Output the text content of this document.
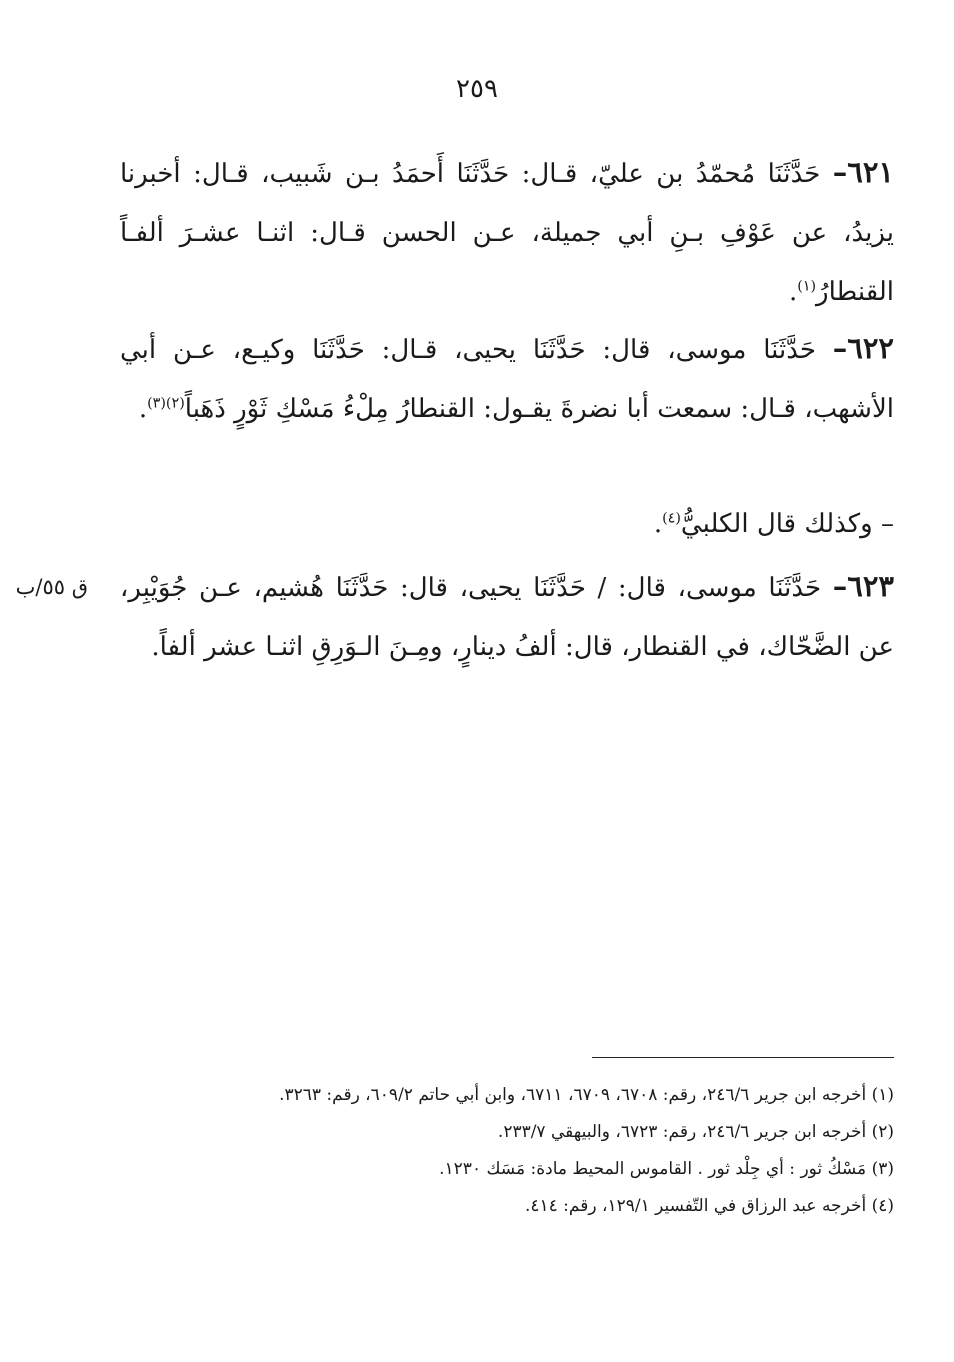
٢٥٩
٦٢١– حَدَّثَنَا مُحمّدُ بن عليّ، قـال: حَدَّثَنَا أَحمَدُ بـن شَبيب، قـال: أخبرنا يزيدُ، عن عَوْفِ بـنِ أبي جميلة، عـن الحسن قـال: اثنـا عشـرَ ألفـاً القنطارُ$^{(١)}$.
٦٢٢– حَدَّثَنَا موسى، قال: حَدَّثَنَا يحيى، قـال: حَدَّثَنَا وكيـع، عـن أبي الأشهب، قـال: سمعت أبا نضرةَ يقـول: القنطارُ مِلْءُ مَسْكِ ثَوْرٍ ذَهَباً$^{(٢)(٣)}$.
– وكذلك قال الكلبيُّ$^{(٤)}$.
ق ٥٥/ب	٦٢٣– حَدَّثَنَا موسى، قال: / حَدَّثَنَا يحيى، قال: حَدَّثَنَا هُشيم، عـن جُوَيْبِر، عن الضَّحّاك، في القنطار، قال: ألفُ دينارٍ، ومِـنَ الـوَرِقِ اثنـا عشر ألفاً.

(١) أخرجه ابن جرير ٢٤٦/٦، رقم: ٦٧٠٨، ٦٧٠٩، ٦٧١١، وابن أبي حاتم ٦٠٩/٢، رقم: ٣٢٦٣.

(٢) أخرجه ابن جرير ٢٤٦/٦، رقم: ٦٧٢٣، والبيهقي ٢٣٣/٧.

(٣) مَسْكُ ثور : أي جِلْد ثور . القاموس المحيط مادة: مَسَك ١٢٣٠.

(٤) أخرجه عبد الرزاق في التّفسير ١٢٩/١، رقم: ٤١٤.
